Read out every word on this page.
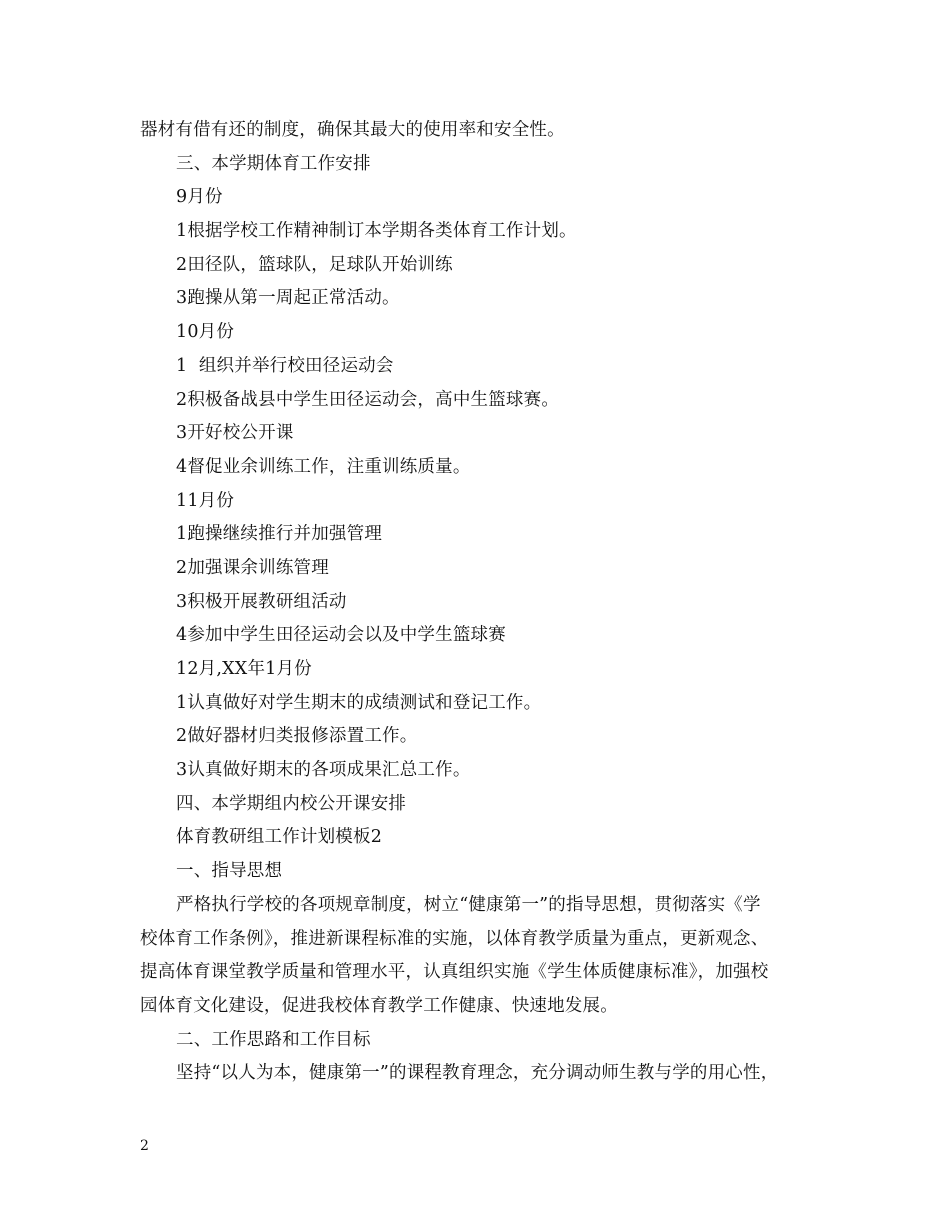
器材有借有还的制度，确保其最大的使用率和安全性。
三、本学期体育工作安排
9月份
1根据学校工作精神制订本学期各类体育工作计划。
2田径队，篮球队，足球队开始训练
3跑操从第一周起正常活动。
10月份
1  组织并举行校田径运动会
2积极备战县中学生田径运动会，高中生篮球赛。
3开好校公开课
4督促业余训练工作，注重训练质量。
11月份
1跑操继续推行并加强管理
2加强课余训练管理
3积极开展教研组活动
4参加中学生田径运动会以及中学生篮球赛
12月,XX年1月份
1认真做好对学生期末的成绩测试和登记工作。
2做好器材归类报修添置工作。
3认真做好期末的各项成果汇总工作。
四、本学期组内校公开课安排
体育教研组工作计划模板2
一、指导思想
严格执行学校的各项规章制度，树立“健康第一”的指导思想，贯彻落实《学
校体育工作条例》，推进新课程标准的实施，以体育教学质量为重点，更新观念、
提高体育课堂教学质量和管理水平，认真组织实施《学生体质健康标准》，加强校
园体育文化建设，促进我校体育教学工作健康、快速地发展。
二、工作思路和工作目标
坚持“以人为本，健康第一”的课程教育理念，充分调动师生教与学的用心性，
2
